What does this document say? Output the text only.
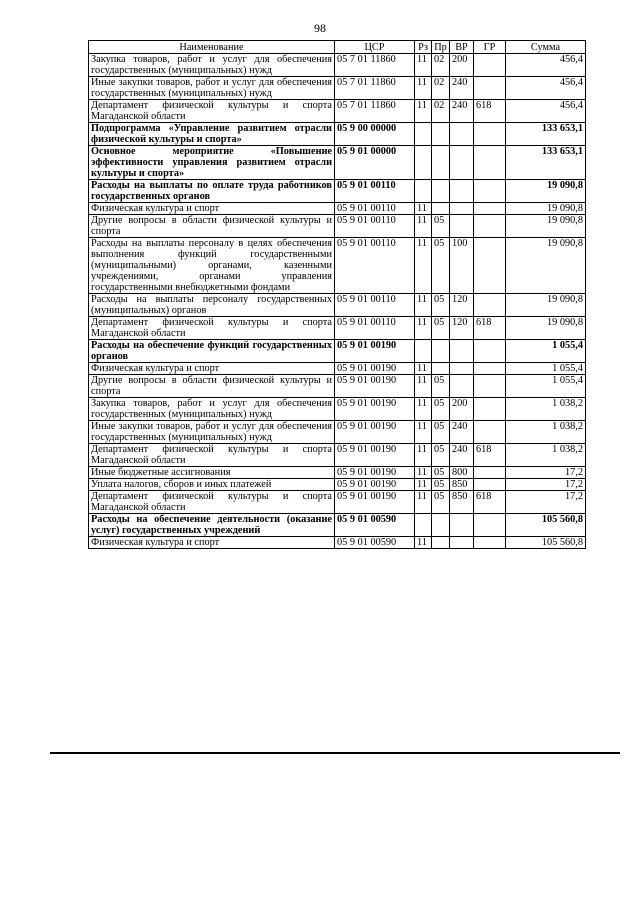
98
Наименование	ЦСР	Рз	Пр	ВР	ГР	Сумма
Закупка товаров, работ и услуг для обеспечения государственных (муниципальных) нужд	05 7 01 11860	11	02	200		456,4
Иные закупки товаров, работ и услуг для обеспечения государственных (муниципальных) нужд	05 7 01 11860	11	02	240		456,4
Департамент физической культуры и спорта Магаданской области	05 7 01 11860	11	02	240	618	456,4
Подпрограмма «Управление развитием отрасли физической культуры и спорта»	05 9 00 00000					133 653,1
Основное мероприятие «Повышение эффективности управления развитием отрасли культуры и спорта»	05 9 01 00000					133 653,1
Расходы на выплаты по оплате труда работников государственных органов	05 9 01 00110					19 090,8
Физическая культура и спорт	05 9 01 00110	11				19 090,8
Другие вопросы в области физической культуры и спорта	05 9 01 00110	11	05			19 090,8
Расходы на выплаты персоналу в целях обеспечения выполнения функций государственными (муниципальными) органами, казенными учреждениями, органами управления государственными внебюджетными фондами	05 9 01 00110	11	05	100		19 090,8
Расходы на выплаты персоналу государственных (муниципальных) органов	05 9 01 00110	11	05	120		19 090,8
Департамент физической культуры и спорта Магаданской области	05 9 01 00110	11	05	120	618	19 090,8
Расходы на обеспечение функций государственных органов	05 9 01 00190					1 055,4
Физическая культура и спорт	05 9 01 00190	11				1 055,4
Другие вопросы в области физической культуры и спорта	05 9 01 00190	11	05			1 055,4
Закупка товаров, работ и услуг для обеспечения государственных (муниципальных) нужд	05 9 01 00190	11	05	200		1 038,2
Иные закупки товаров, работ и услуг для обеспечения государственных (муниципальных) нужд	05 9 01 00190	11	05	240		1 038,2
Департамент физической культуры и спорта Магаданской области	05 9 01 00190	11	05	240	618	1 038,2
Иные бюджетные ассигнования	05 9 01 00190	11	05	800		17,2
Уплата налогов, сборов и иных платежей	05 9 01 00190	11	05	850		17,2
Департамент физической культуры и спорта Магаданской области	05 9 01 00190	11	05	850	618	17,2
Расходы на обеспечение деятельности (оказание услуг) государственных учреждений	05 9 01 00590					105 560,8
Физическая культура и спорт	05 9 01 00590	11				105 560,8
